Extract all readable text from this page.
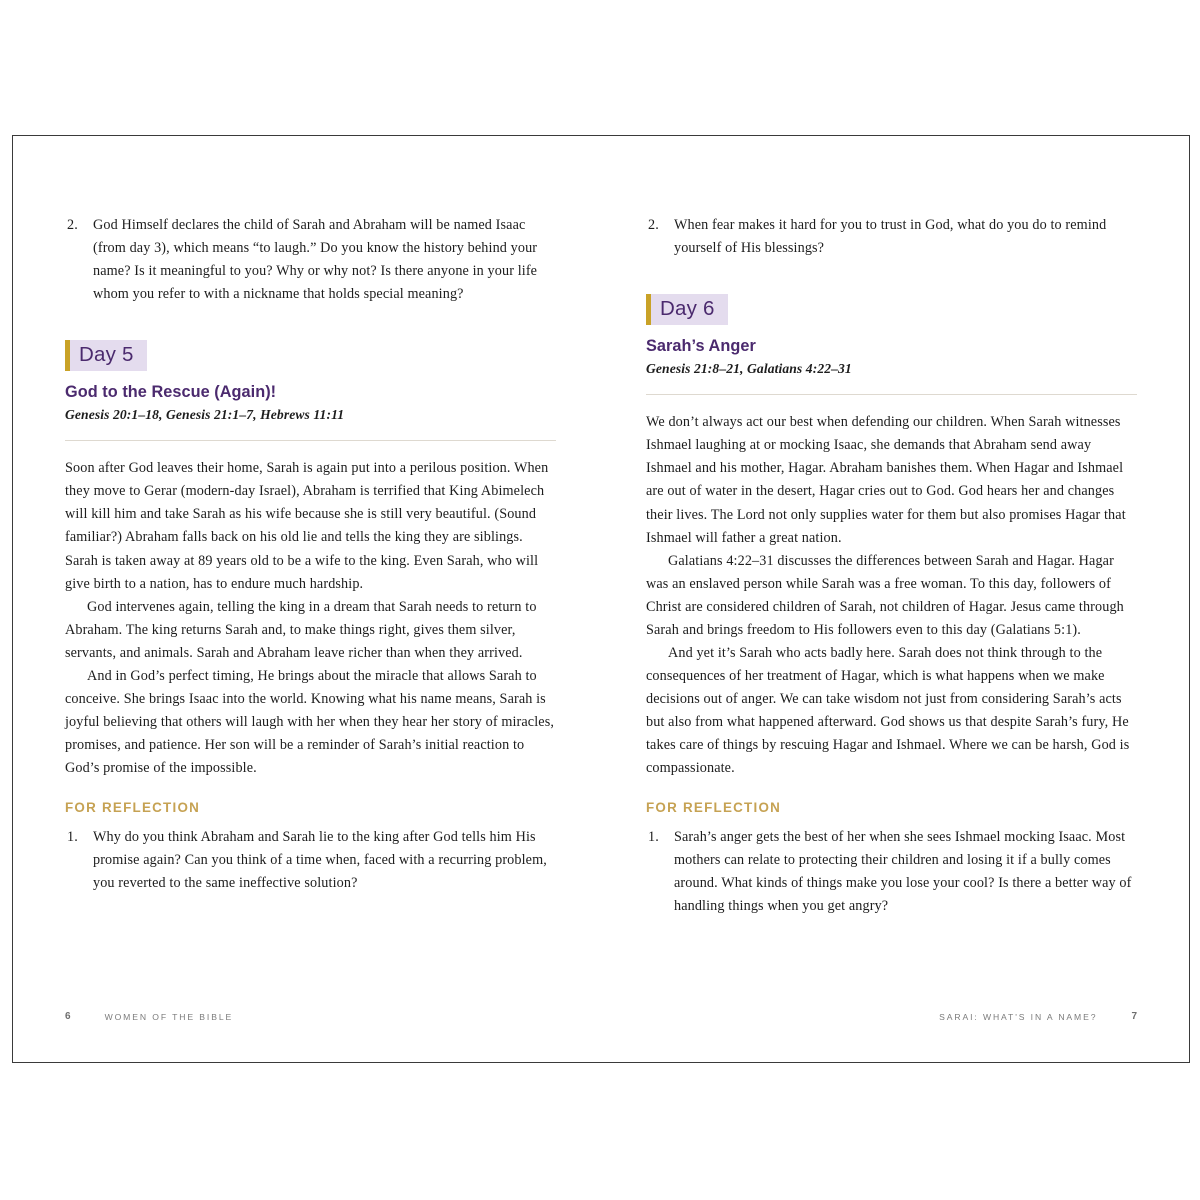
2. God Himself declares the child of Sarah and Abraham will be named Isaac (from day 3), which means “to laugh.” Do you know the history behind your name? Is it meaningful to you? Why or why not? Is there anyone in your life whom you refer to with a nickname that holds special meaning?
Day 5
God to the Rescue (Again)!

Genesis 20:1–18, Genesis 21:1–7, Hebrews 11:11

Soon after God leaves their home, Sarah is again put into a perilous position. When they move to Gerar (modern-day Israel), Abraham is terrified that King Abimelech will kill him and take Sarah as his wife because she is still very beautiful. (Sound familiar?) Abraham falls back on his old lie and tells the king they are siblings. Sarah is taken away at 89 years old to be a wife to the king. Even Sarah, who will give birth to a nation, has to endure much hardship.

God intervenes again, telling the king in a dream that Sarah needs to return to Abraham. The king returns Sarah and, to make things right, gives them silver, servants, and animals. Sarah and Abraham leave richer than when they arrived.

And in God’s perfect timing, He brings about the miracle that allows Sarah to conceive. She brings Isaac into the world. Knowing what his name means, Sarah is joyful believing that others will laugh with her when they hear her story of miracles, promises, and patience. Her son will be a reminder of Sarah’s initial reaction to God’s promise of the impossible.

FOR REFLECTION
1. Why do you think Abraham and Sarah lie to the king after God tells him His promise again? Can you think of a time when, faced with a recurring problem, you reverted to the same ineffective solution?
6	WOMEN OF THE BIBLE
2. When fear makes it hard for you to trust in God, what do you do to remind yourself of His blessings?
Day 6
Sarah’s Anger

Genesis 21:8–21, Galatians 4:22–31

We don’t always act our best when defending our children. When Sarah witnesses Ishmael laughing at or mocking Isaac, she demands that Abraham send away Ishmael and his mother, Hagar. Abraham banishes them. When Hagar and Ishmael are out of water in the desert, Hagar cries out to God. God hears her and changes their lives. The Lord not only supplies water for them but also promises Hagar that Ishmael will father a great nation.

Galatians 4:22–31 discusses the differences between Sarah and Hagar. Hagar was an enslaved person while Sarah was a free woman. To this day, followers of Christ are considered children of Sarah, not children of Hagar. Jesus came through Sarah and brings freedom to His followers even to this day (Galatians 5:1).

And yet it’s Sarah who acts badly here. Sarah does not think through to the consequences of her treatment of Hagar, which is what happens when we make decisions out of anger. We can take wisdom not just from considering Sarah’s acts but also from what happened afterward. God shows us that despite Sarah’s fury, He takes care of things by rescuing Hagar and Ishmael. Where we can be harsh, God is compassionate.

FOR REFLECTION
1. Sarah’s anger gets the best of her when she sees Ishmael mocking Isaac. Most mothers can relate to protecting their children and losing it if a bully comes around. What kinds of things make you lose your cool? Is there a better way of handling things when you get angry?
SARAI: WHAT'S IN A NAME?	7
